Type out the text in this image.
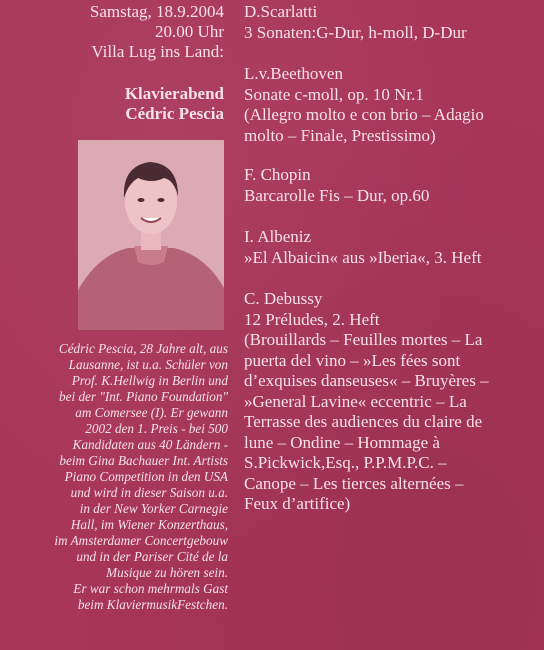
Samstag, 18.9.2004
20.00 Uhr
Villa Lug ins Land:
Klavierabend
Cédric Pescia
Cédric Pescia, 28 Jahre alt, aus
Lausanne, ist u.a. Schüler von
Prof. K.Hellwig in Berlin und
bei der "Int. Piano Foundation"
am Comersee (I). Er gewann
2002 den 1. Preis - bei 500
Kandidaten aus 40 Ländern -
beim Gina Bachauer Int. Artists
Piano Competition in den USA
und wird in dieser Saison u.a.
in der New Yorker Carnegie
Hall, im Wiener Konzerthaus,
im Amsterdamer Concertgebouw
und in der Pariser Cité de la
Musique zu hören sein.
Er war schon mehrmals Gast
beim KlaviermusikFestchen.
D.Scarlatti
3 Sonaten:G-Dur, h-moll, D-Dur
L.v.Beethoven
Sonate c-moll, op. 10 Nr.1
(Allegro molto e con brio – Adagio
molto – Finale, Prestissimo)
F. Chopin
Barcarolle Fis – Dur, op.60
I. Albeniz
»El Albaicin« aus »Iberia«, 3. Heft
C. Debussy
12 Préludes, 2. Heft
(Brouillards – Feuilles mortes – La
puerta del vino – »Les fées sont
d’exquises danseuses« – Bruyères –
»General Lavine« eccentric – La
Terrasse des audiences du claire de
lune – Ondine – Hommage à
S.Pickwick,Esq., P.P.M.P.C. –
Canope – Les tierces alternées –
Feux d’artifice)
